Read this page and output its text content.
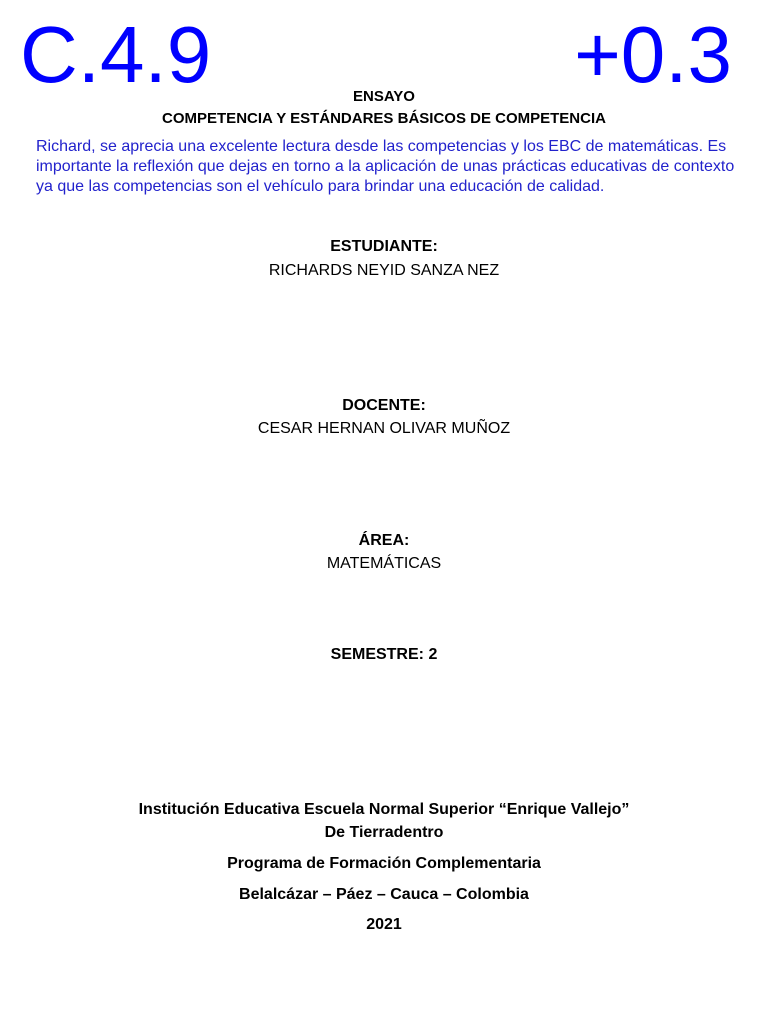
C.4.9	+0.3
ENSAYO
COMPETENCIA Y ESTÁNDARES BÁSICOS DE COMPETENCIA
Richard, se aprecia una excelente lectura desde las competencias y los EBC de matemáticas. Es importante la reflexión que dejas en torno a la aplicación de unas prácticas educativas de contexto ya que las competencias son el vehículo para brindar una educación de calidad.
ESTUDIANTE:
RICHARDS NEYID SANZA NEZ
DOCENTE:
CESAR HERNAN OLIVAR MUÑOZ
ÁREA:
MATEMÁTICAS
SEMESTRE: 2
Institución Educativa Escuela Normal Superior “Enrique Vallejo”
De Tierradentro
Programa de Formación Complementaria
Belalcázar – Páez – Cauca – Colombia
2021
